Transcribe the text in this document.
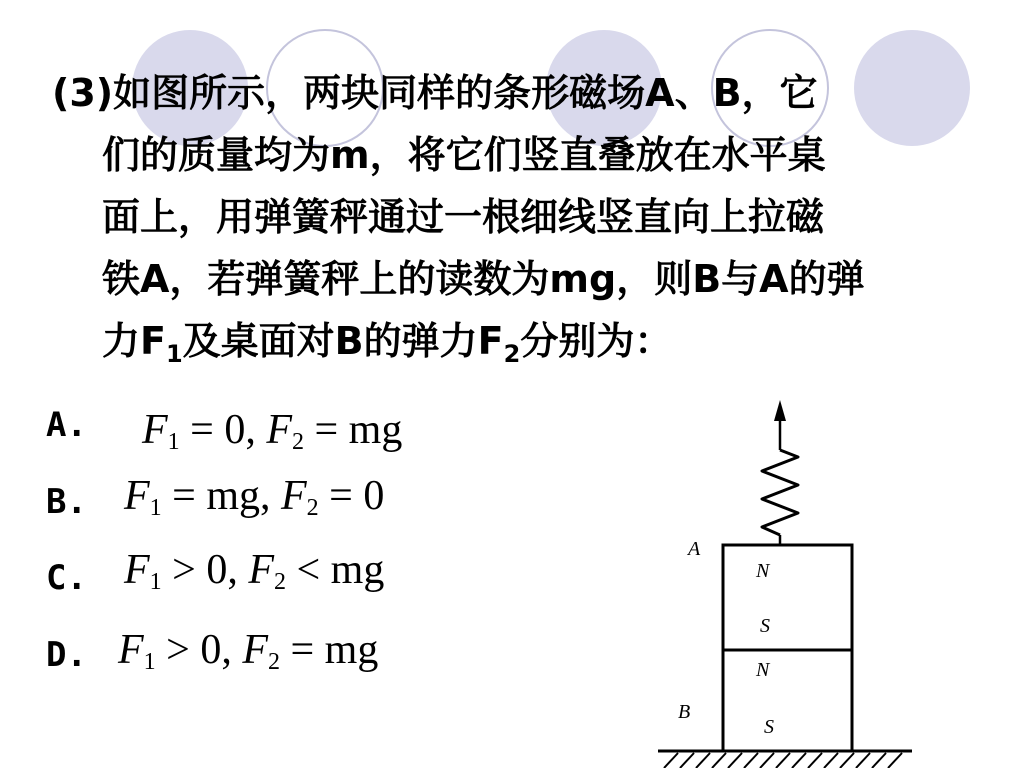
(3)如图所示，两块同样的条形磁场A、B，它
们的质量均为m，将它们竖直叠放在水平桌
面上，用弹簧秤通过一根细线竖直向上拉磁
铁A，若弹簧秤上的读数为mg，则B与A的弹
力$F_1$及桌面对B的弹力$F_2$分别为：
A. $F_1 = 0$, $F_2$ = mg
B. $F_1$ = mg, $F_2 = 0$
C. $F_1 > 0$, $F_2$ < mg
D. $F_1 > 0$, $F_2$ = mg
A
B
N
S
N
S
